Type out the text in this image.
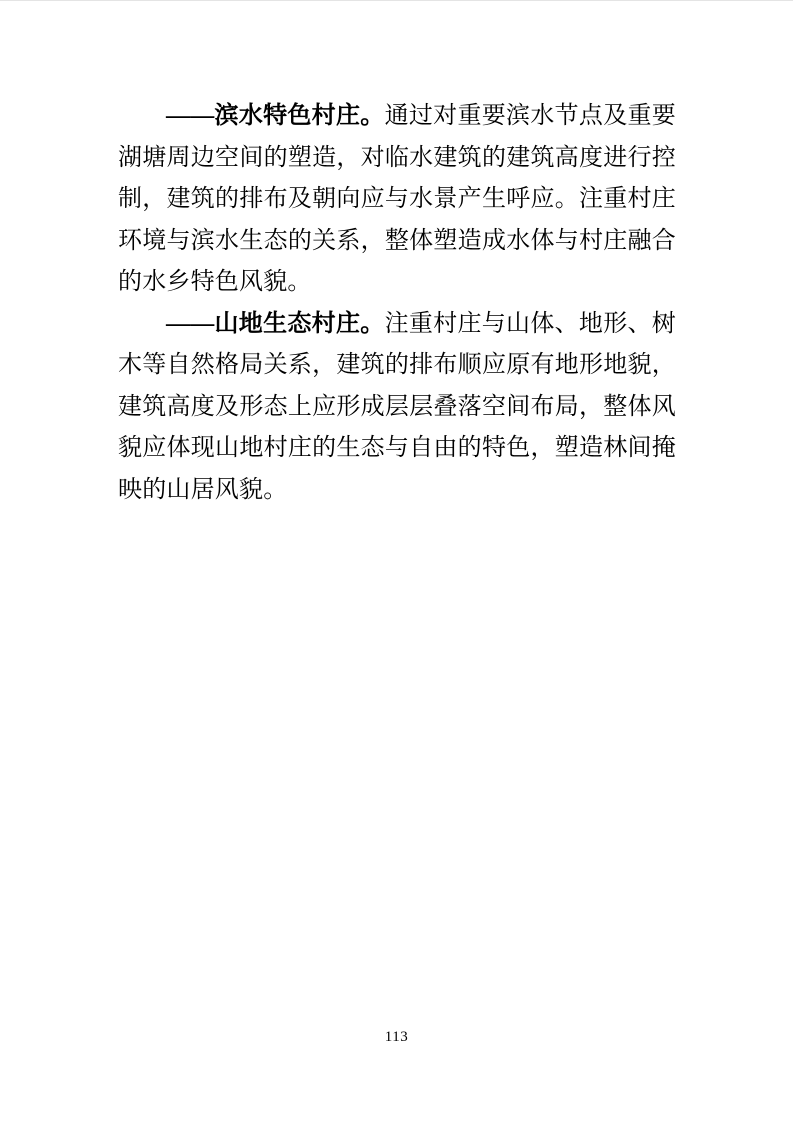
——滨水特色村庄。通过对重要滨水节点及重要湖塘周边空间的塑造，对临水建筑的建筑高度进行控制，建筑的排布及朝向应与水景产生呼应。注重村庄环境与滨水生态的关系，整体塑造成水体与村庄融合的水乡特色风貌。

——山地生态村庄。注重村庄与山体、地形、树木等自然格局关系，建筑的排布顺应原有地形地貌，建筑高度及形态上应形成层层叠落空间布局，整体风貌应体现山地村庄的生态与自由的特色，塑造林间掩映的山居风貌。

113
